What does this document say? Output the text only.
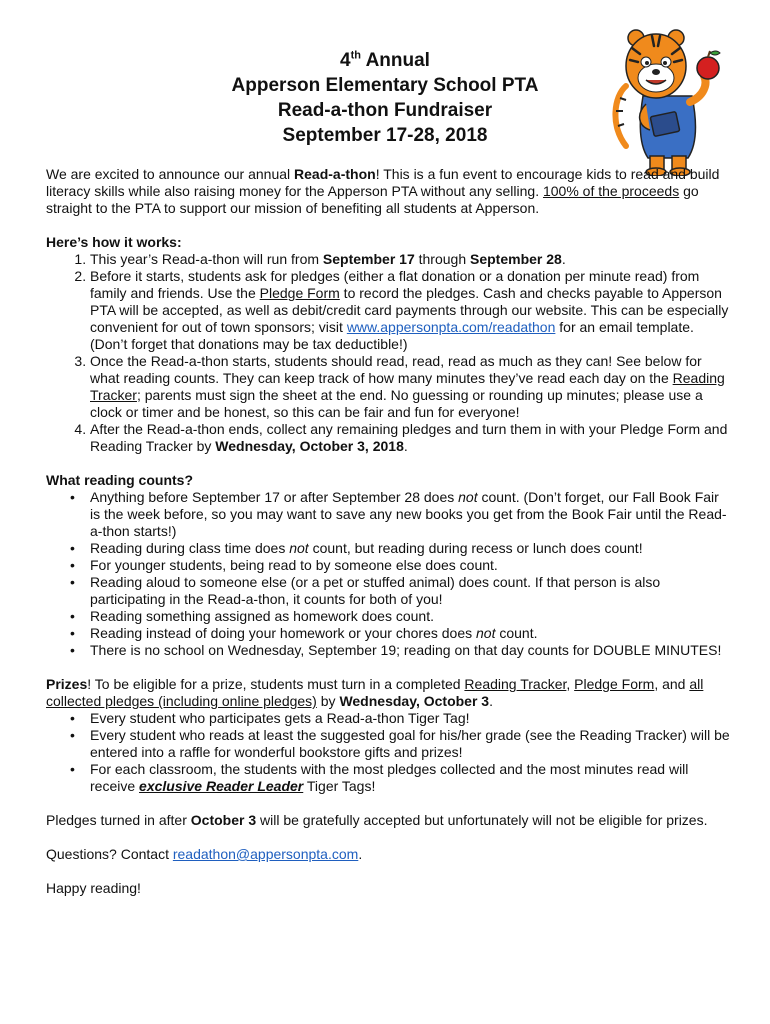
4th Annual
Apperson Elementary School PTA
Read-a-thon Fundraiser
September 17-28, 2018

We are excited to announce our annual Read-a-thon! This is a fun event to encourage kids to read and build literacy skills while also raising money for the Apperson PTA without any selling. 100% of the proceeds go straight to the PTA to support our mission of benefiting all students at Apperson.

Here’s how it works:

1. This year’s Read-a-thon will run from September 17 through September 28.
2. Before it starts, students ask for pledges (either a flat donation or a donation per minute read) from family and friends. Use the Pledge Form to record the pledges. Cash and checks payable to Apperson PTA will be accepted, as well as debit/credit card payments through our website. This can be especially convenient for out of town sponsors; visit www.appersonpta.com/readathon for an email template. (Don’t forget that donations may be tax deductible!)
3. Once the Read-a-thon starts, students should read, read, read as much as they can! See below for what reading counts. They can keep track of how many minutes they’ve read each day on the Reading Tracker; parents must sign the sheet at the end. No guessing or rounding up minutes; please use a clock or timer and be honest, so this can be fair and fun for everyone!
4. After the Read-a-thon ends, collect any remaining pledges and turn them in with your Pledge Form and Reading Tracker by Wednesday, October 3, 2018.

What reading counts?

• Anything before September 17 or after September 28 does not count. (Don’t forget, our Fall Book Fair is the week before, so you may want to save any new books you get from the Book Fair until the Read-a-thon starts!)
• Reading during class time does not count, but reading during recess or lunch does count!
• For younger students, being read to by someone else does count.
• Reading aloud to someone else (or a pet or stuffed animal) does count. If that person is also participating in the Read-a-thon, it counts for both of you!
• Reading something assigned as homework does count.
• Reading instead of doing your homework or your chores does not count.
• There is no school on Wednesday, September 19; reading on that day counts for DOUBLE MINUTES!

Prizes! To be eligible for a prize, students must turn in a completed Reading Tracker, Pledge Form, and all collected pledges (including online pledges) by Wednesday, October 3.

• Every student who participates gets a Read-a-thon Tiger Tag!
• Every student who reads at least the suggested goal for his/her grade (see the Reading Tracker) will be entered into a raffle for wonderful bookstore gifts and prizes!
• For each classroom, the students with the most pledges collected and the most minutes read will receive exclusive Reader Leader Tiger Tags!

Pledges turned in after October 3 will be gratefully accepted but unfortunately will not be eligible for prizes.

Questions? Contact readathon@appersonpta.com.

Happy reading!
